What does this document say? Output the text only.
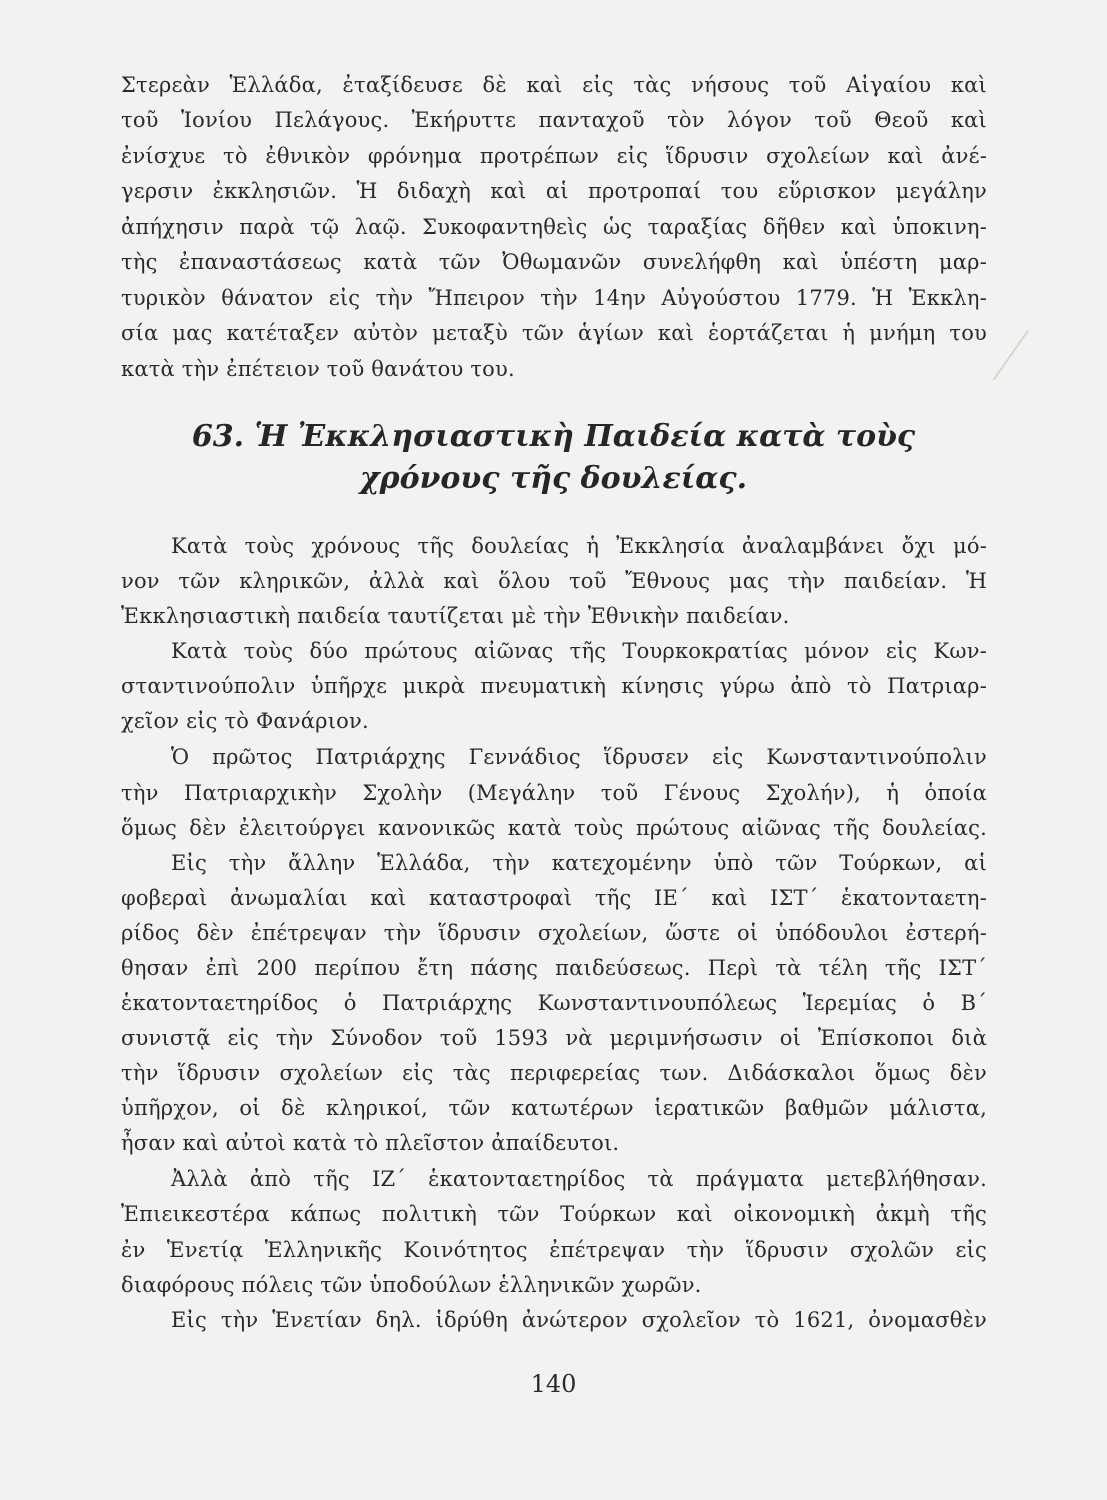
Στερεὰν Ἑλλάδα, ἐταξίδευσε δὲ καὶ εἰς τὰς νήσους τοῦ Αἰγαίου καὶ
τοῦ Ἰονίου Πελάγους. Ἐκήρυττε πανταχοῦ τὸν λόγον τοῦ Θεοῦ καὶ
ἐνίσχυε τὸ ἐθνικὸν φρόνημα προτρέπων εἰς ἵδρυσιν σχολείων καὶ ἀνέ-
γερσιν ἐκκλησιῶν. Ἡ διδαχὴ καὶ αἱ προτροπαί του εὕρισκον μεγάλην
ἀπήχησιν παρὰ τῷ λαῷ. Συκοφαντηθεὶς ὡς ταραξίας δῆθεν καὶ ὑποκινη-
τὴς ἐπαναστάσεως κατὰ τῶν Ὀθωμανῶν συνελήφθη καὶ ὑπέστη μαρ-
τυρικὸν θάνατον εἰς τὴν Ἤπειρον τὴν 14ην Αὐγούστου 1779. Ἡ Ἐκκλη-
σία μας κατέταξεν αὐτὸν μεταξὺ τῶν ἁγίων καὶ ἑορτάζεται ἡ μνήμη του
κατὰ τὴν ἐπέτειον τοῦ θανάτου του.
63. Ἡ Ἐκκλησιαστικὴ Παιδεία κατὰ τοὺς
χρόνους τῆς δουλείας.
Κατὰ τοὺς χρόνους τῆς δουλείας ἡ Ἐκκλησία ἀναλαμβάνει ὄχι μό-
νον τῶν κληρικῶν, ἀλλὰ καὶ ὅλου τοῦ Ἔθνους μας τὴν παιδείαν. Ἡ
Ἐκκλησιαστικὴ παιδεία ταυτίζεται μὲ τὴν Ἐθνικὴν παιδείαν.
Κατὰ τοὺς δύο πρώτους αἰῶνας τῆς Τουρκοκρατίας μόνον εἰς Κων-
σταντινούπολιν ὑπῆρχε μικρὰ πνευματικὴ κίνησις γύρω ἀπὸ τὸ Πατριαρ-
χεῖον εἰς τὸ Φανάριον.
Ὁ πρῶτος Πατριάρχης Γεννάδιος ἵδρυσεν εἰς Κωνσταντινούπολιν
τὴν Πατριαρχικὴν Σχολὴν (Μεγάλην τοῦ Γένους Σχολήν), ἡ ὁποία
ὅμως δὲν ἐλειτούργει κανονικῶς κατὰ τοὺς πρώτους αἰῶνας τῆς δουλείας.
Εἰς τὴν ἄλλην Ἑλλάδα, τὴν κατεχομένην ὑπὸ τῶν Τούρκων, αἱ
φοβεραὶ ἀνωμαλίαι καὶ καταστροφαὶ τῆς ΙΕ΄ καὶ ΙΣΤ΄ ἑκατονταετη-
ρίδος δὲν ἐπέτρεψαν τὴν ἵδρυσιν σχολείων, ὥστε οἱ ὑπόδουλοι ἐστερή-
θησαν ἐπὶ 200 περίπου ἔτη πάσης παιδεύσεως. Περὶ τὰ τέλη τῆς ΙΣΤ΄
ἑκατονταετηρίδος ὁ Πατριάρχης Κωνσταντινουπόλεως Ἱερεμίας ὁ Β΄
συνιστᾷ εἰς τὴν Σύνοδον τοῦ 1593 νὰ μεριμνήσωσιν οἱ Ἐπίσκοποι διὰ
τὴν ἵδρυσιν σχολείων εἰς τὰς περιφερείας των. Διδάσκαλοι ὅμως δὲν
ὑπῆρχον, οἱ δὲ κληρικοί, τῶν κατωτέρων ἱερατικῶν βαθμῶν μάλιστα,
ἦσαν καὶ αὐτοὶ κατὰ τὸ πλεῖστον ἀπαίδευτοι.
Ἀλλὰ ἀπὸ τῆς ΙΖ΄ ἑκατονταετηρίδος τὰ πράγματα μετεβλήθησαν.
Ἐπιεικεστέρα κάπως πολιτικὴ τῶν Τούρκων καὶ οἰκονομικὴ ἀκμὴ τῆς
ἐν Ἑνετίᾳ Ἑλληνικῆς Κοινότητος ἐπέτρεψαν τὴν ἵδρυσιν σχολῶν εἰς
διαφόρους πόλεις τῶν ὑποδούλων ἑλληνικῶν χωρῶν.
Εἰς τὴν Ἑνετίαν δηλ. ἱδρύθη ἀνώτερον σχολεῖον τὸ 1621, ὀνομασθὲν
140
